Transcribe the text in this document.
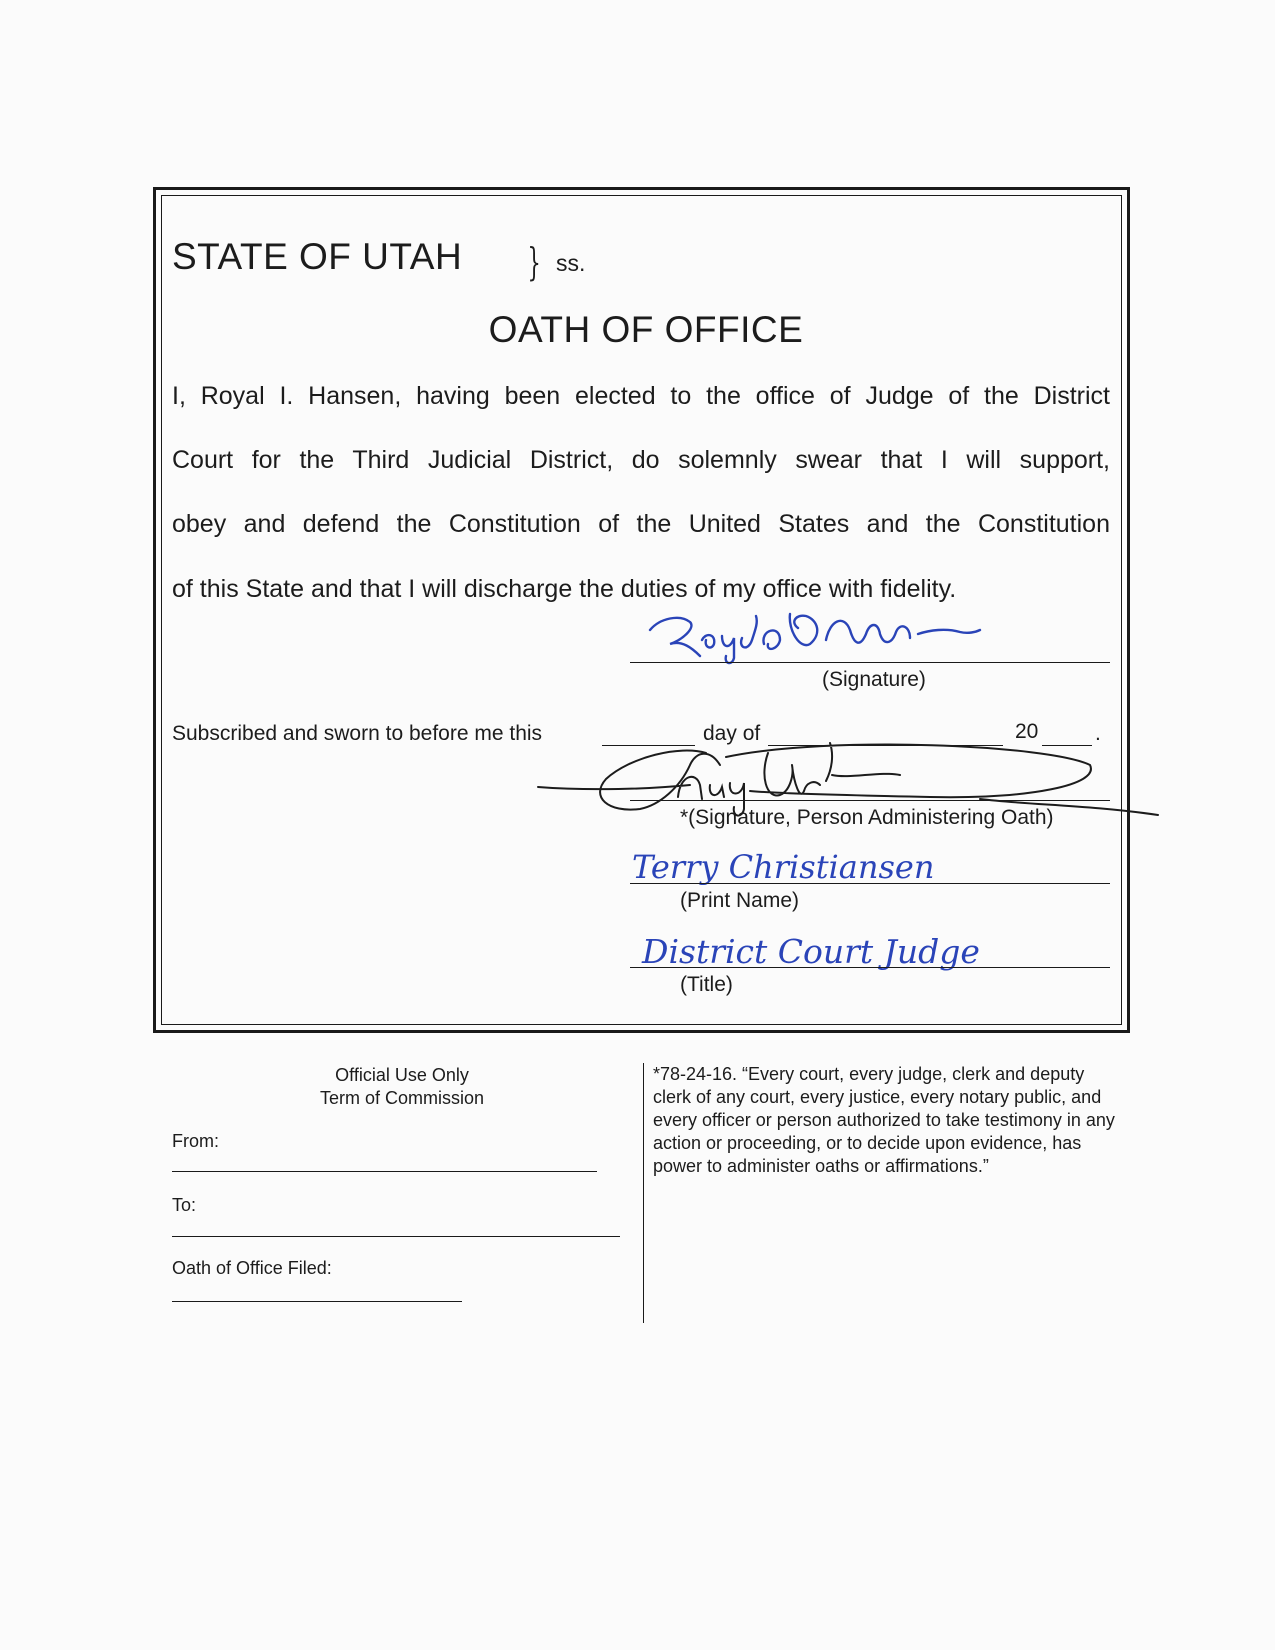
STATE OF UTAH } ss.
OATH OF OFFICE
I, Royal I. Hansen, having been elected to the office of Judge of the District
Court for the Third Judicial District, do solemnly swear that I will support,
obey and defend the Constitution of the United States and the Constitution
of this State and that I will discharge the duties of my office with fidelity.
(Signature)
Subscribed and sworn to before me this	day of	20	.
*(Signature, Person Administering Oath)
Terry Christiansen
(Print Name)
District Court Judge
(Title)
Official Use Only
Term of Commission
From:
To:
Oath of Office Filed:
*78-24-16. “Every court, every judge, clerk and deputy clerk of any court, every justice, every notary public, and every officer or person authorized to take testimony in any action or proceeding, or to decide upon evidence, has power to administer oaths or affirmations.”
